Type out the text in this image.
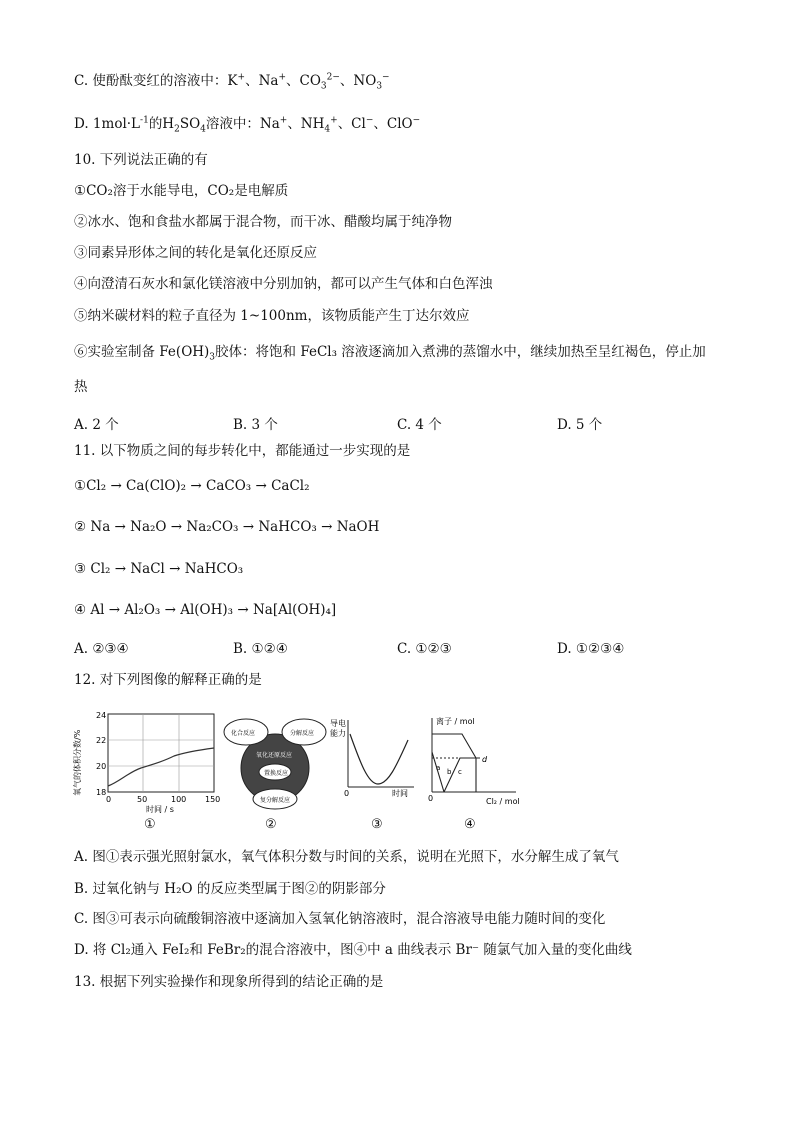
C. 使酚酞变红的溶液中：K+、Na+、$CO_3^{2-}$、$NO_3^-$
D. $1mol\cdot L^{-1}$的$H_2SO_4$溶液中：Na+、$NH_4^+$、Cl−、ClO−
10. 下列说法正确的有
①CO₂溶于水能导电，CO₂是电解质
②冰水、饱和食盐水都属于混合物，而干冰、醋酸均属于纯净物
③同素异形体之间的转化是氧化还原反应
④向澄清石灰水和氯化镁溶液中分别加钠，都可以产生气体和白色浑浊
⑤纳米碳材料的粒子直径为 1~100nm，该物质能产生丁达尔效应
⑥实验室制备 $Fe(OH)_3$胶体：将饱和 FeCl₃ 溶液逐滴加入煮沸的蒸馏水中，继续加热至呈红褐色，停止加
热
A. 2 个	B. 3 个	C. 4 个	D. 5 个
11. 以下物质之间的每步转化中，都能通过一步实现的是
①Cl₂ → Ca(ClO)₂ → CaCO₃ → CaCl₂
② Na → Na₂O → Na₂CO₃ → NaHCO₃ → NaOH
③ Cl₂ → NaCl → NaHCO₃
④ Al → Al₂O₃ → Al(OH)₃ → Na[Al(OH)₄]
A. ②③④	B. ①②④	C. ①②③	D. ①②③④
12. 对下列图像的解释正确的是
氧气的体积分数/%
24
22
20
18
0	50	100 150
时间 / s
①
化合反应	分解反应
氧化还原反应
置换反应
复分解反应
②
导电
能力
0	时间
③
离子 / mol
0	Cl₂ / mol
a b c
d
④
A. 图①表示强光照射氯水，氧气体积分数与时间的关系，说明在光照下，水分解生成了氧气
B. 过氧化钠与 H₂O 的反应类型属于图②的阴影部分
C. 图③可表示向硫酸铜溶液中逐滴加入氢氧化钠溶液时，混合溶液导电能力随时间的变化
D. 将 Cl₂通入 FeI₂和 FeBr₂的混合溶液中，图④中 a 曲线表示 Br⁻ 随氯气加入量的变化曲线
13. 根据下列实验操作和现象所得到的结论正确的是
